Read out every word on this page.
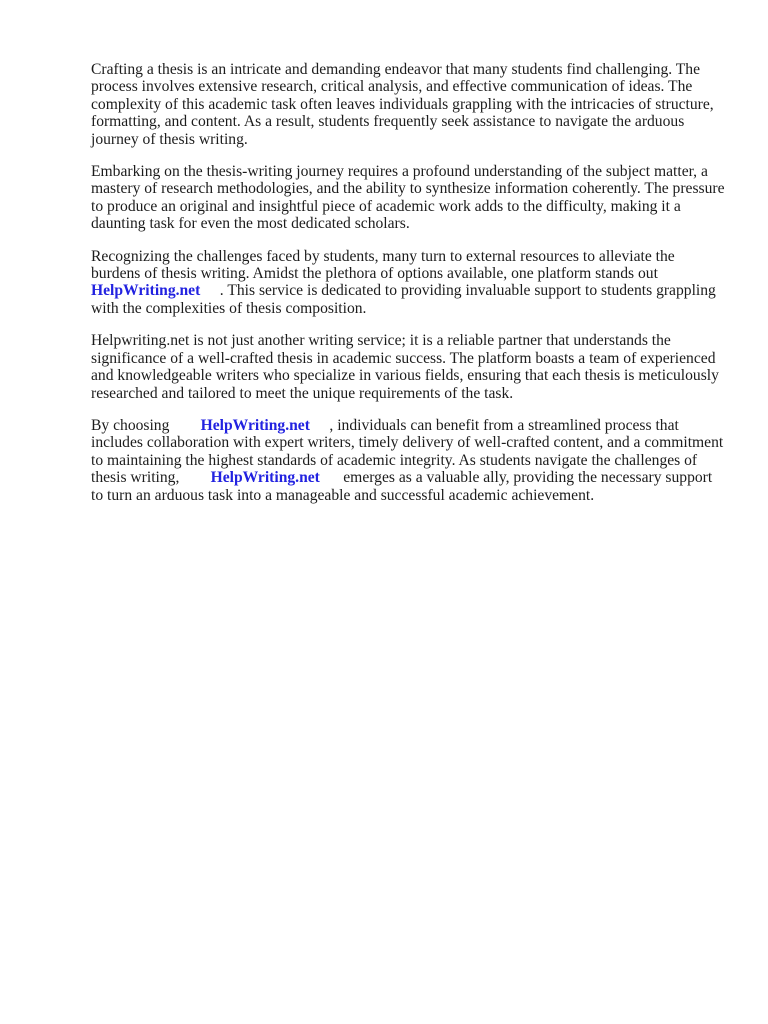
Crafting a thesis is an intricate and demanding endeavor that many students find challenging. The process involves extensive research, critical analysis, and effective communication of ideas. The complexity of this academic task often leaves individuals grappling with the intricacies of structure, formatting, and content. As a result, students frequently seek assistance to navigate the arduous journey of thesis writing.

Embarking on the thesis-writing journey requires a profound understanding of the subject matter, a mastery of research methodologies, and the ability to synthesize information coherently. The pressure to produce an original and insightful piece of academic work adds to the difficulty, making it a daunting task for even the most dedicated scholars.

Recognizing the challenges faced by students, many turn to external resources to alleviate the burdens of thesis writing. Amidst the plethora of options available, one platform stands out HelpWriting.net     . This service is dedicated to providing invaluable support to students grappling with the complexities of thesis composition.

Helpwriting.net is not just another writing service; it is a reliable partner that understands the significance of a well-crafted thesis in academic success. The platform boasts a team of experienced and knowledgeable writers who specialize in various fields, ensuring that each thesis is meticulously researched and tailored to meet the unique requirements of the task.

By choosing        HelpWriting.net     , individuals can benefit from a streamlined process that includes collaboration with expert writers, timely delivery of well-crafted content, and a commitment to maintaining the highest standards of academic integrity. As students navigate the challenges of thesis writing,        HelpWriting.net      emerges as a valuable ally, providing the necessary support to turn an arduous task into a manageable and successful academic achievement.
